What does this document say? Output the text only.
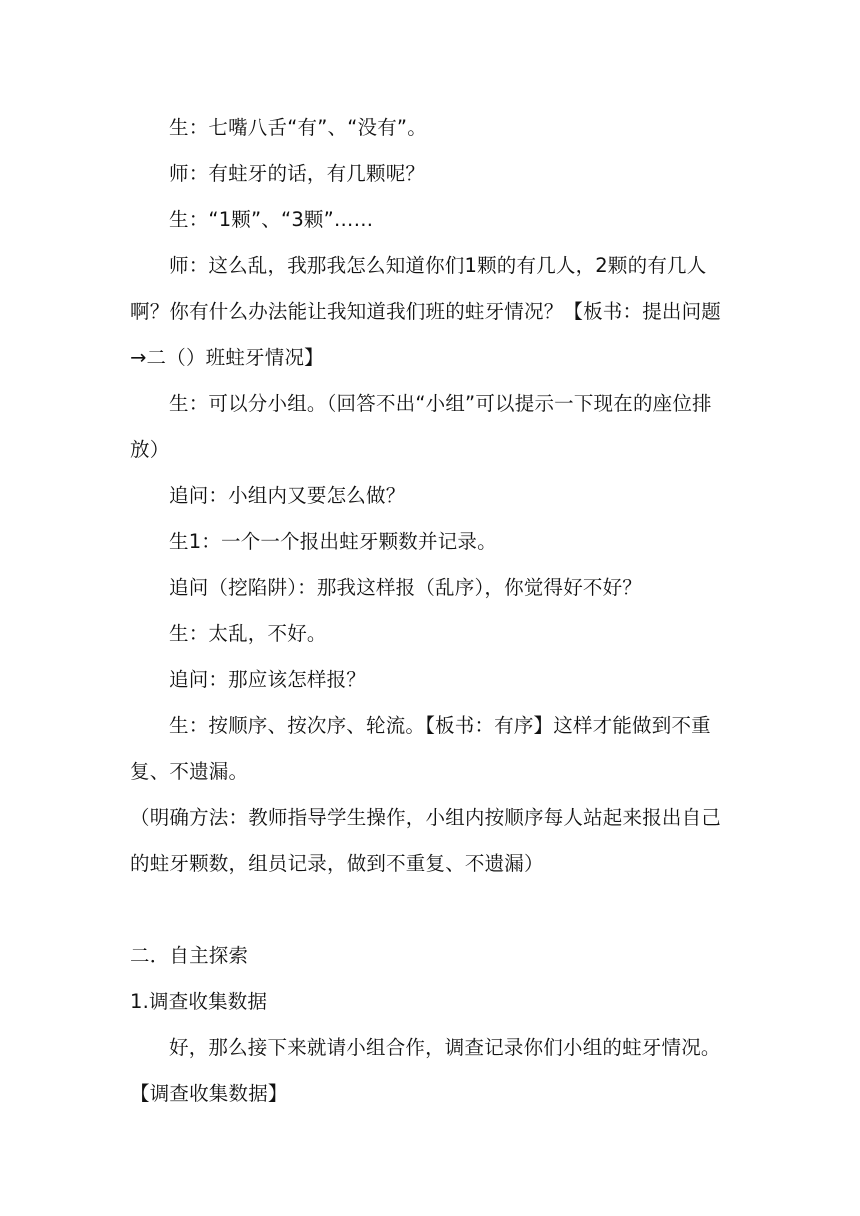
生：七嘴八舌“有”、“没有”。

师：有蛀牙的话，有几颗呢？

生：“1颗”、“3颗”……

师：这么乱，我那我怎么知道你们1颗的有几人，2颗的有几人啊？你有什么办法能让我知道我们班的蛀牙情况？【板书：提出问题→二（）班蛀牙情况】

生：可以分小组。（回答不出“小组”可以提示一下现在的座位排放）

追问：小组内又要怎么做？

生1：一个一个报出蛀牙颗数并记录。

追问（挖陷阱）：那我这样报（乱序），你觉得好不好？

生：太乱，不好。

追问：那应该怎样报？

生：按顺序、按次序、轮流。【板书：有序】这样才能做到不重复、不遗漏。

（明确方法：教师指导学生操作，小组内按顺序每人站起来报出自己的蛀牙颗数，组员记录，做到不重复、不遗漏）

二．自主探索

1.调查收集数据

好，那么接下来就请小组合作，调查记录你们小组的蛀牙情况。【调查收集数据】
